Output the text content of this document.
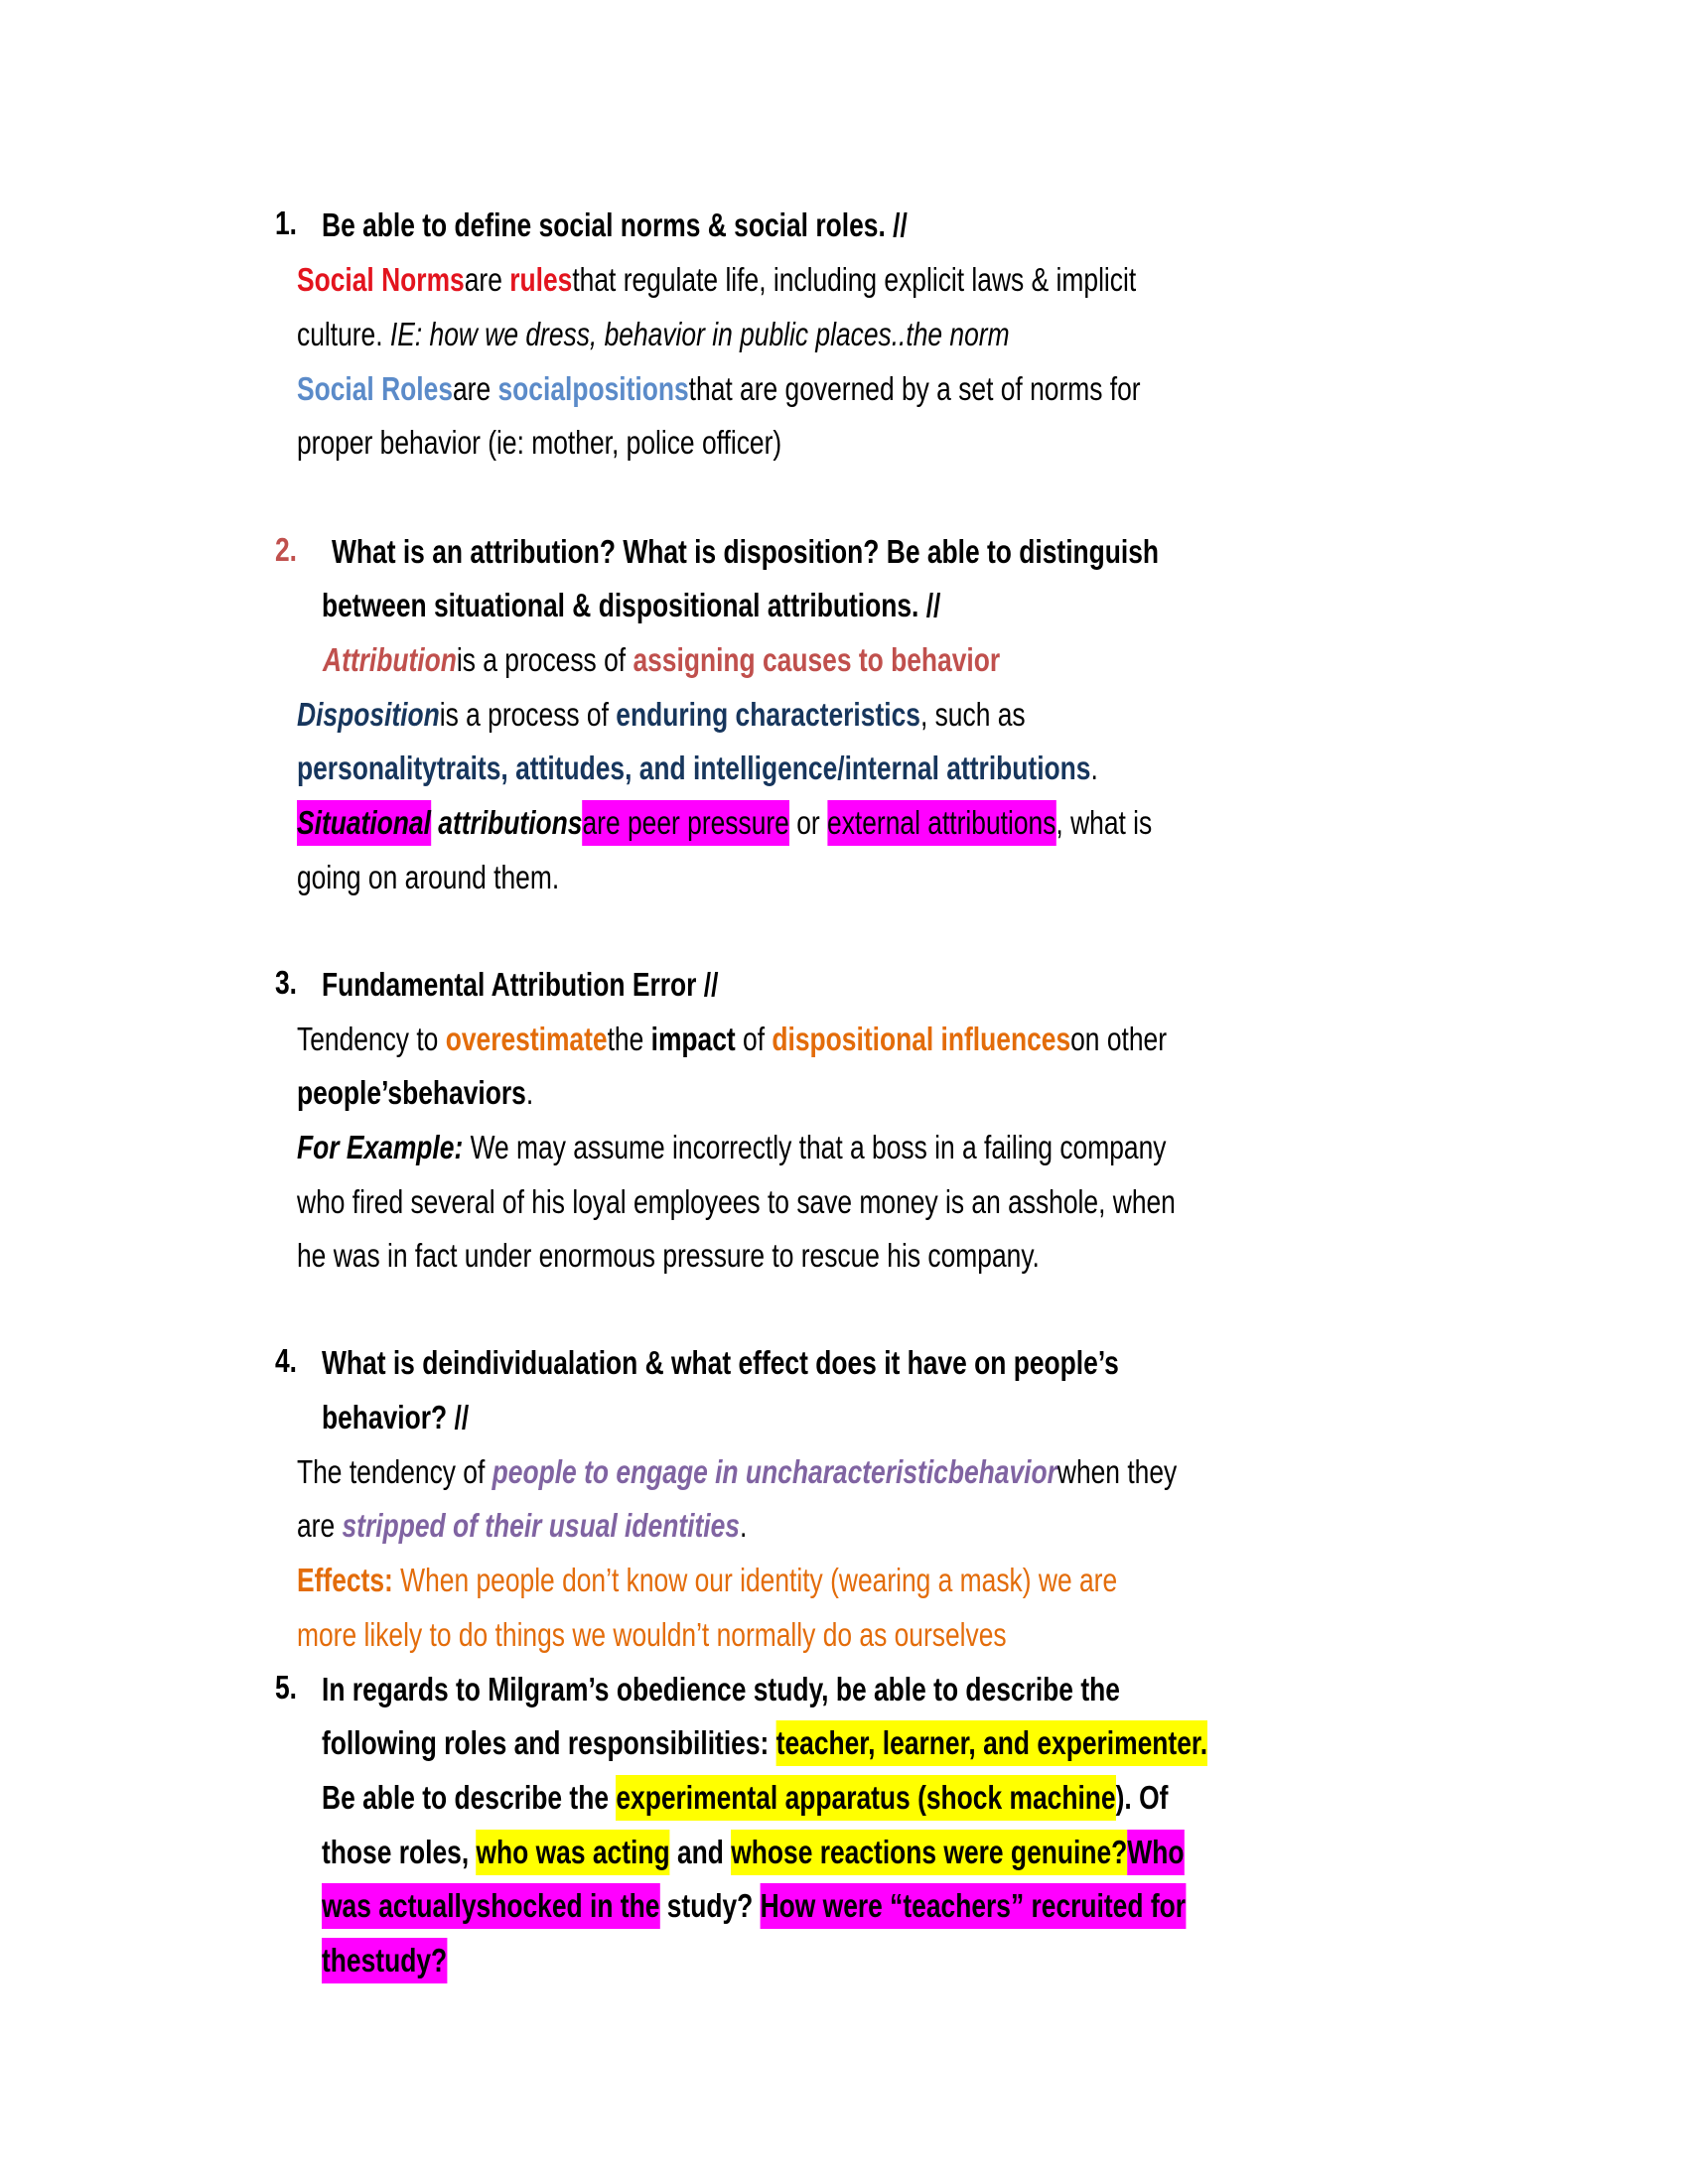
1. Be able to define social norms & social roles. //
Social Normsare rulesthat regulate life, including explicit laws & implicit
culture. IE: how we dress, behavior in public places..the norm
Social Rolesare socialpositionsthat are governed by a set of norms for
proper behavior (ie: mother, police officer)
2. What is an attribution? What is disposition? Be able to distinguish
between situational & dispositional attributions. //
Attributionis a process of assigning causes to behavior
Dispositionis a process of enduring characteristics, such as
personalitytraits, attitudes, and intelligence/internal attributions.
Situational attributionsare peer pressure or external attributions, what is
going on around them.
3. Fundamental Attribution Error //
Tendency to overestimatethe impact of dispositional influenceson other
people’sbehaviors.
For Example: We may assume incorrectly that a boss in a failing company
who fired several of his loyal employees to save money is an asshole, when
he was in fact under enormous pressure to rescue his company.
4. What is deindividualation & what effect does it have on people’s
behavior? //
The tendency of people to engage in uncharacteristicbehaviorwhen they
are stripped of their usual identities.
Effects: When people don’t know our identity (wearing a mask) we are
more likely to do things we wouldn’t normally do as ourselves
5. In regards to Milgram’s obedience study, be able to describe the
following roles and responsibilities: teacher, learner, and experimenter.
Be able to describe the experimental apparatus (shock machine). Of
those roles, who was acting and whose reactions were genuine?Who
was actuallyshocked in the study? How were “teachers” recruited for
thestudy?
